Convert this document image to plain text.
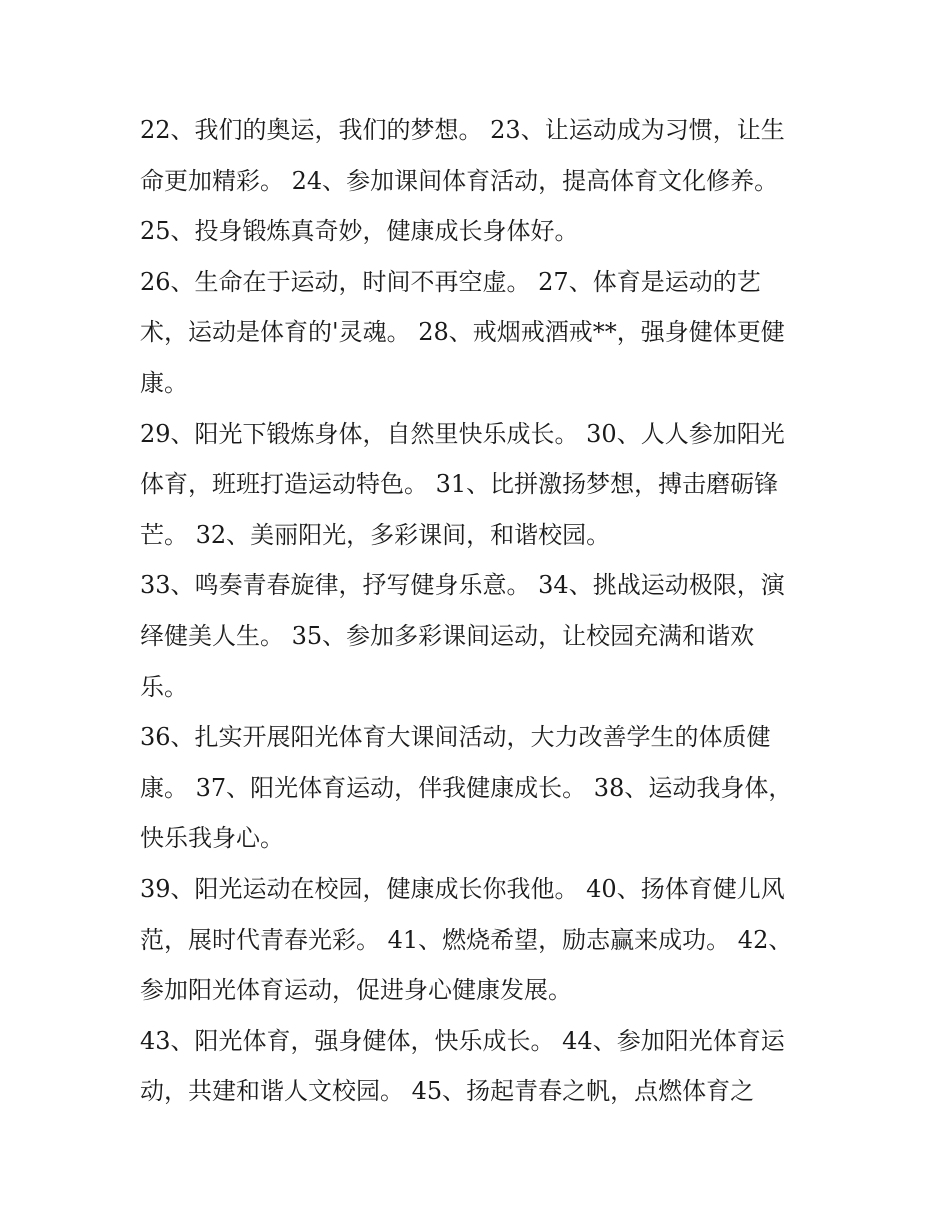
22、我们的奥运，我们的梦想。 23、让运动成为习惯，让生
命更加精彩。 24、参加课间体育活动，提高体育文化修养。

25、投身锻炼真奇妙，健康成长身体好。

26、生命在于运动，时间不再空虚。 27、体育是运动的艺
术，运动是体育的'灵魂。 28、戒烟戒酒戒**，强身健体更健
康。

29、阳光下锻炼身体，自然里快乐成长。 30、人人参加阳光
体育，班班打造运动特色。 31、比拼激扬梦想，搏击磨砺锋
芒。 32、美丽阳光，多彩课间，和谐校园。

33、鸣奏青春旋律，抒写健身乐意。 34、挑战运动极限，演
绎健美人生。 35、参加多彩课间运动，让校园充满和谐欢
乐。

36、扎实开展阳光体育大课间活动，大力改善学生的体质健
康。 37、阳光体育运动，伴我健康成长。 38、运动我身体，
快乐我身心。

39、阳光运动在校园，健康成长你我他。 40、扬体育健儿风
范，展时代青春光彩。 41、燃烧希望，励志赢来成功。 42、
参加阳光体育运动，促进身心健康发展。

43、阳光体育，强身健体，快乐成长。 44、参加阳光体育运
动，共建和谐人文校园。 45、扬起青春之帆，点燃体育之
